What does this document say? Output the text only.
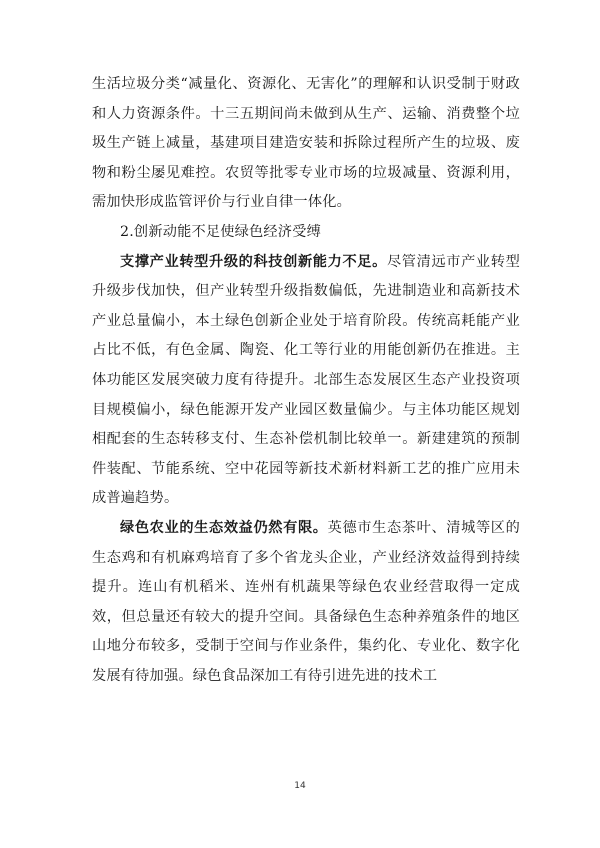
生活垃圾分类“减量化、资源化、无害化”的理解和认识受制于财政和人力资源条件。十三五期间尚未做到从生产、运输、消费整个垃圾生产链上减量，基建项目建造安装和拆除过程所产生的垃圾、废物和粉尘屡见难控。农贸等批零专业市场的垃圾减量、资源利用，需加快形成监管评价与行业自律一体化。

2.创新动能不足使绿色经济受缚

支撑产业转型升级的科技创新能力不足。尽管清远市产业转型升级步伐加快，但产业转型升级指数偏低，先进制造业和高新技术产业总量偏小，本土绿色创新企业处于培育阶段。传统高耗能产业占比不低，有色金属、陶瓷、化工等行业的用能创新仍在推进。主体功能区发展突破力度有待提升。北部生态发展区生态产业投资项目规模偏小，绿色能源开发产业园区数量偏少。与主体功能区规划相配套的生态转移支付、生态补偿机制比较单一。新建建筑的预制件装配、节能系统、空中花园等新技术新材料新工艺的推广应用未成普遍趋势。

绿色农业的生态效益仍然有限。英德市生态茶叶、清城等区的生态鸡和有机麻鸡培育了多个省龙头企业，产业经济效益得到持续提升。连山有机稻米、连州有机蔬果等绿色农业经营取得一定成效，但总量还有较大的提升空间。具备绿色生态种养殖条件的地区山地分布较多，受制于空间与作业条件，集约化、专业化、数字化发展有待加强。绿色食品深加工有待引进先进的技术工

14
